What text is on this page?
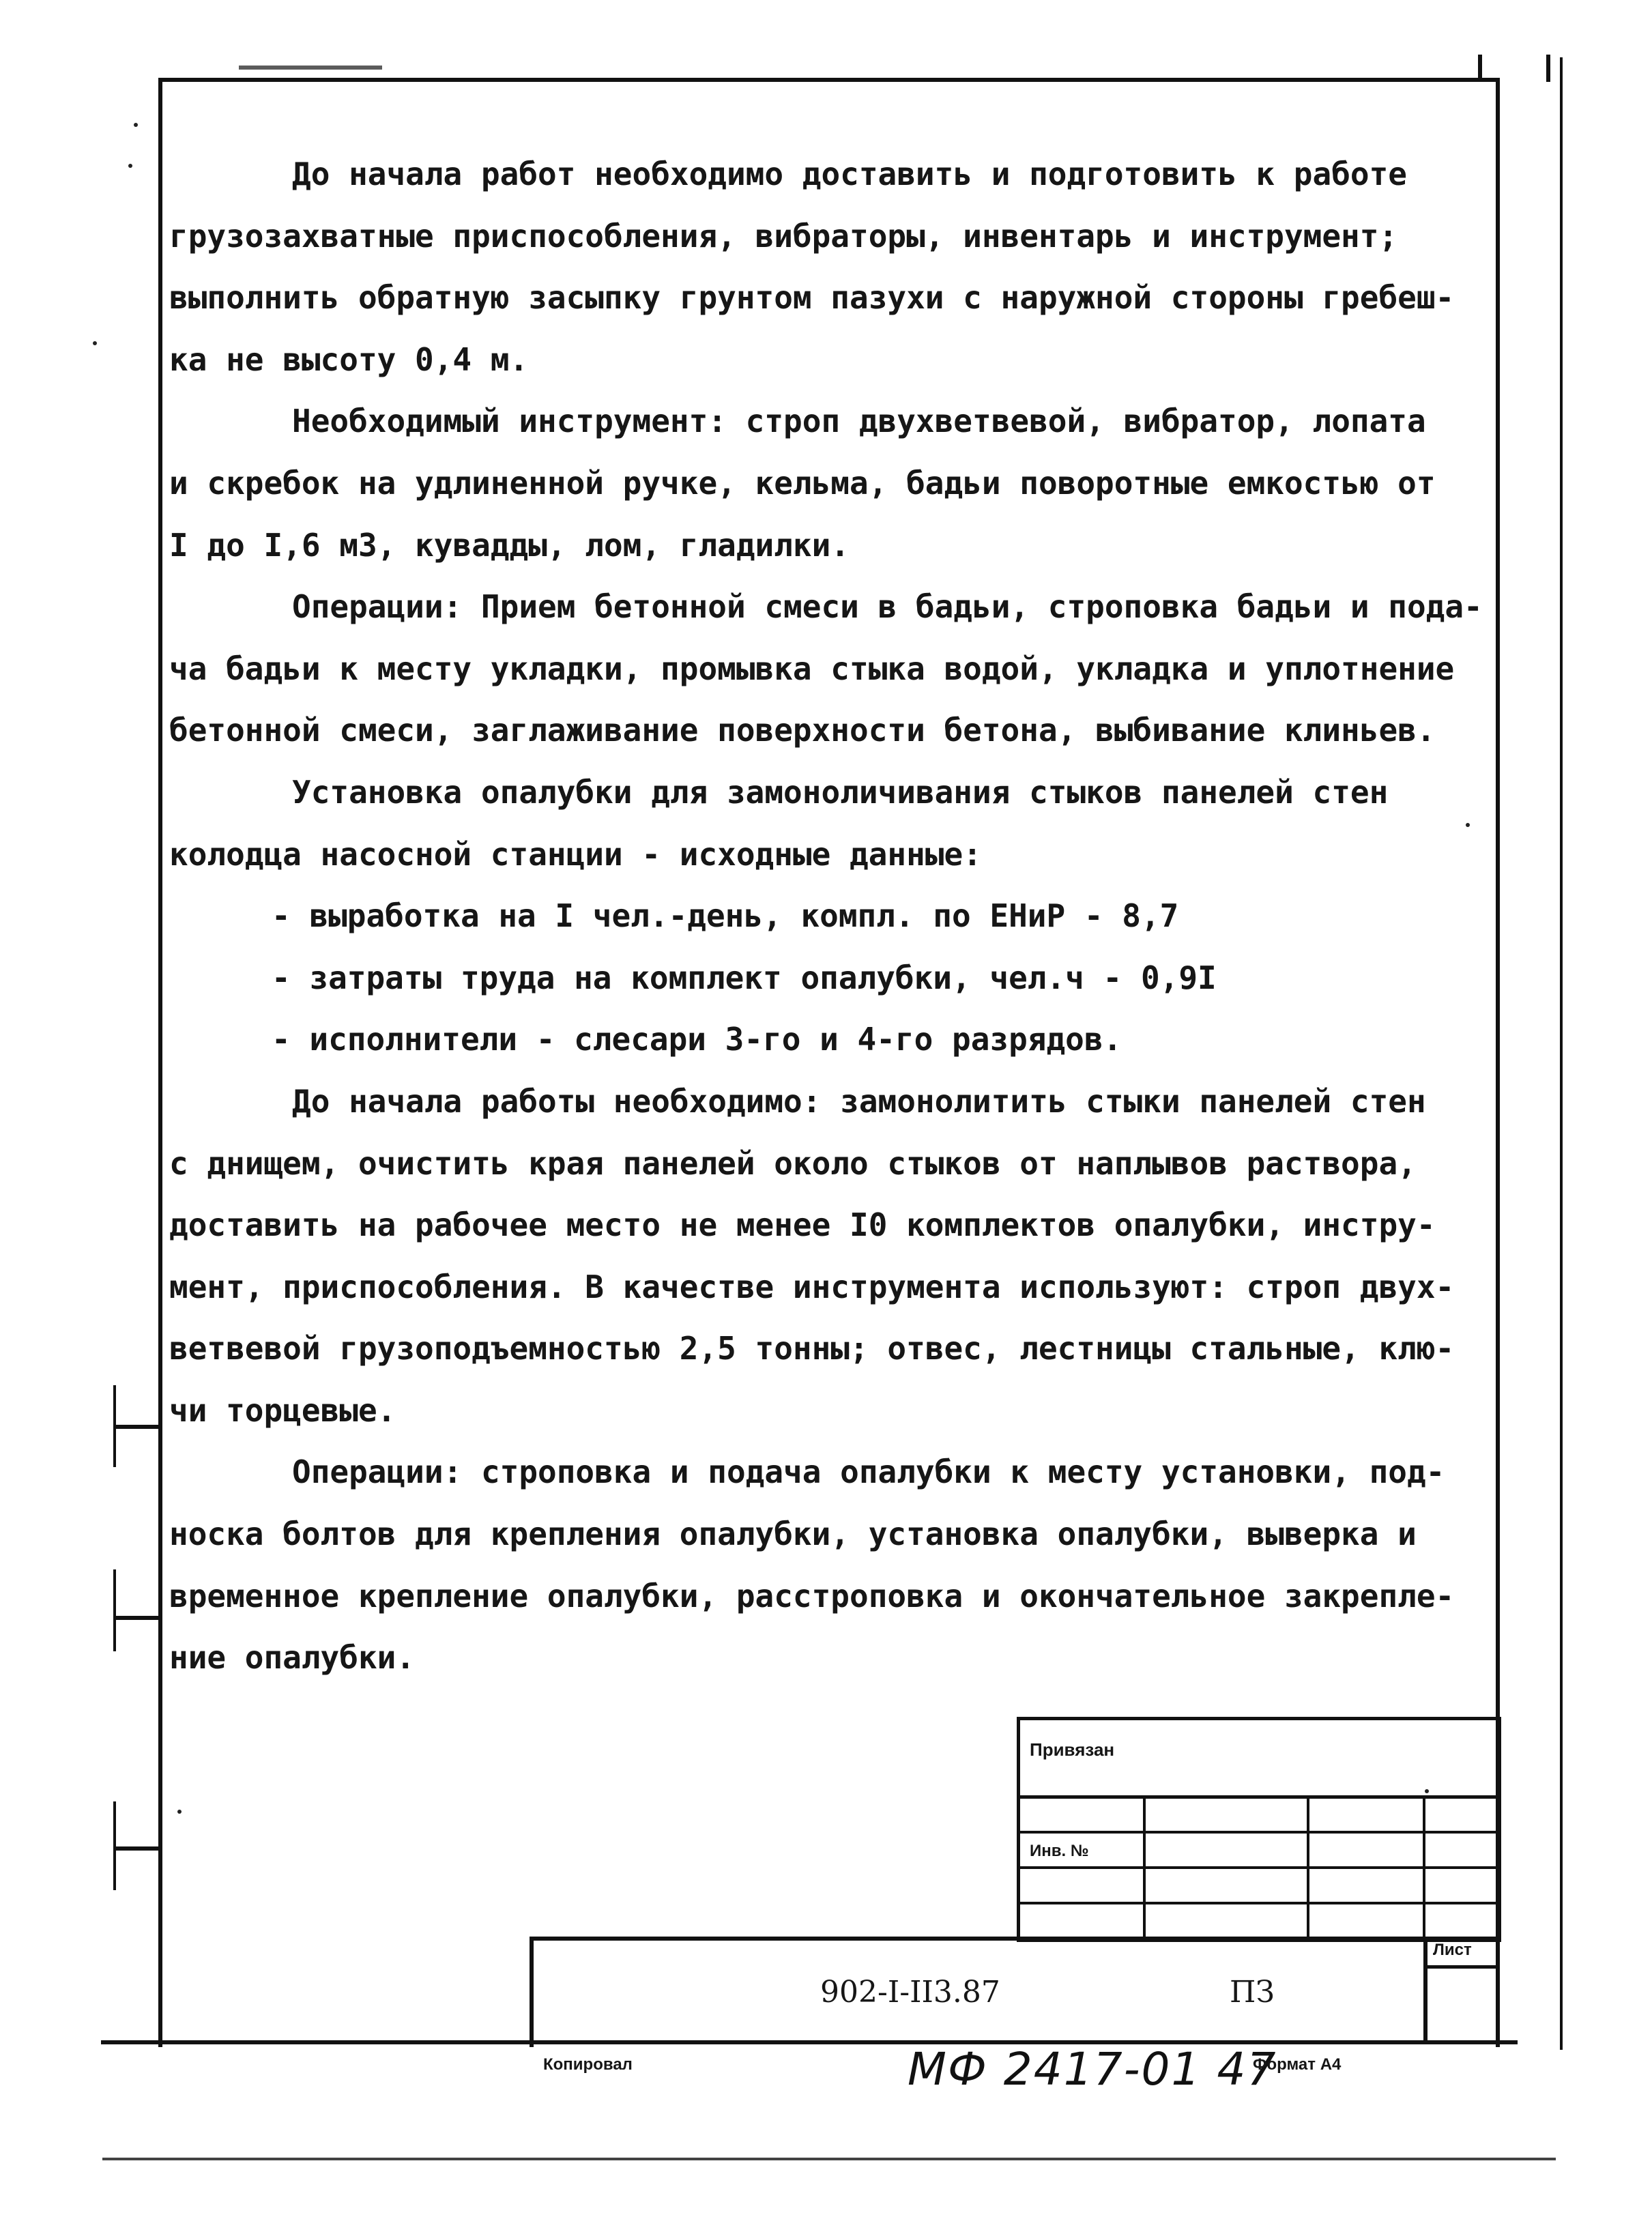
До начала работ необходимо доставить и подготовить к работе
грузозахватные приспособления, вибраторы, инвентарь и инструмент;
выполнить обратную засыпку грунтом пазухи с наружной стороны гребеш-
ка не высоту 0,4 м.

Необходимый инструмент: строп двухветвевой, вибратор, лопата
и скребок на удлиненной ручке, кельма, бадьи поворотные емкостью от
I до I,6 м3, кувадды, лом, гладилки.

Операции: Прием бетонной смеси в бадьи, строповка бадьи и пода-
ча бадьи к месту укладки, промывка стыка водой, укладка и уплотнение
бетонной смеси, заглаживание поверхности бетона, выбивание клиньев.

Установка опалубки для замоноличивания стыков панелей стен
колодца насосной станции - исходные данные:

- выработка на I чел.-день, компл. по ЕНиР - 8,7
- затраты труда на комплект опалубки, чел.ч - 0,9I
- исполнители - слесари 3-го и 4-го разрядов.

До начала работы необходимо: замонолитить стыки панелей стен
с днищем, очистить края панелей около стыков от наплывов раствора,
доставить на рабочее место не менее I0 комплектов опалубки, инстру-
мент, приспособления. В качестве инструмента используют: строп двух-
ветвевой грузоподъемностью 2,5 тонны; отвес, лестницы стальные, клю-
чи торцевые.

Операции: строповка и подача опалубки к месту установки, под-
носка болтов для крепления опалубки, установка опалубки, выверка и
временное крепление опалубки, расстроповка и окончательное закрепле-
ние опалубки.

Привязан
Инв. №
902-I-II3.87	ПЗ
Лист
Копировал	МФ 2417-01 47
Формат А4
